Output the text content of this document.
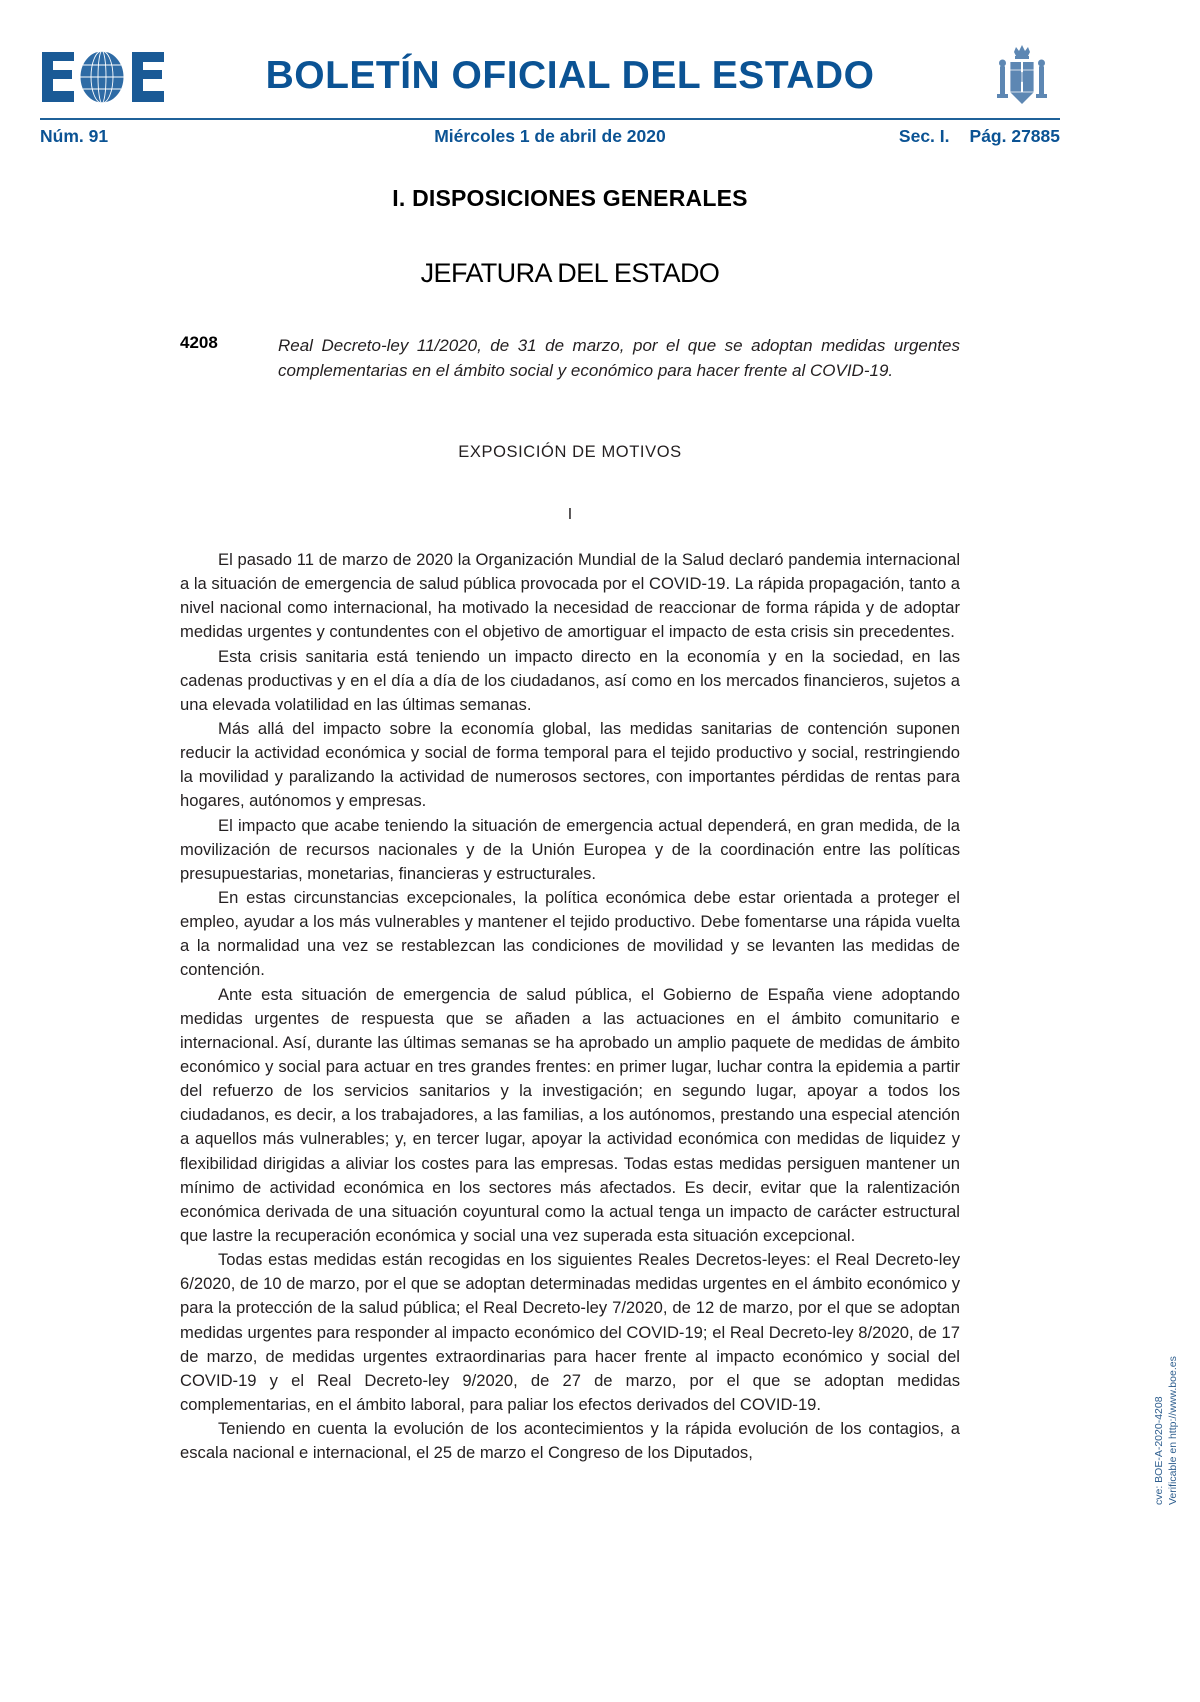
BOLETÍN OFICIAL DEL ESTADO
Núm. 91	Miércoles 1 de abril de 2020	Sec. I. Pág. 27885
I. DISPOSICIONES GENERALES
JEFATURA DEL ESTADO
4208	Real Decreto-ley 11/2020, de 31 de marzo, por el que se adoptan medidas urgentes complementarias en el ámbito social y económico para hacer frente al COVID-19.
EXPOSICIÓN DE MOTIVOS
I

El pasado 11 de marzo de 2020 la Organización Mundial de la Salud declaró pandemia internacional a la situación de emergencia de salud pública provocada por el COVID-19. La rápida propagación, tanto a nivel nacional como internacional, ha motivado la necesidad de reaccionar de forma rápida y de adoptar medidas urgentes y contundentes con el objetivo de amortiguar el impacto de esta crisis sin precedentes.

Esta crisis sanitaria está teniendo un impacto directo en la economía y en la sociedad, en las cadenas productivas y en el día a día de los ciudadanos, así como en los mercados financieros, sujetos a una elevada volatilidad en las últimas semanas.

Más allá del impacto sobre la economía global, las medidas sanitarias de contención suponen reducir la actividad económica y social de forma temporal para el tejido productivo y social, restringiendo la movilidad y paralizando la actividad de numerosos sectores, con importantes pérdidas de rentas para hogares, autónomos y empresas.

El impacto que acabe teniendo la situación de emergencia actual dependerá, en gran medida, de la movilización de recursos nacionales y de la Unión Europea y de la coordinación entre las políticas presupuestarias, monetarias, financieras y estructurales.

En estas circunstancias excepcionales, la política económica debe estar orientada a proteger el empleo, ayudar a los más vulnerables y mantener el tejido productivo. Debe fomentarse una rápida vuelta a la normalidad una vez se restablezcan las condiciones de movilidad y se levanten las medidas de contención.

Ante esta situación de emergencia de salud pública, el Gobierno de España viene adoptando medidas urgentes de respuesta que se añaden a las actuaciones en el ámbito comunitario e internacional. Así, durante las últimas semanas se ha aprobado un amplio paquete de medidas de ámbito económico y social para actuar en tres grandes frentes: en primer lugar, luchar contra la epidemia a partir del refuerzo de los servicios sanitarios y la investigación; en segundo lugar, apoyar a todos los ciudadanos, es decir, a los trabajadores, a las familias, a los autónomos, prestando una especial atención a aquellos más vulnerables; y, en tercer lugar, apoyar la actividad económica con medidas de liquidez y flexibilidad dirigidas a aliviar los costes para las empresas. Todas estas medidas persiguen mantener un mínimo de actividad económica en los sectores más afectados. Es decir, evitar que la ralentización económica derivada de una situación coyuntural como la actual tenga un impacto de carácter estructural que lastre la recuperación económica y social una vez superada esta situación excepcional.

Todas estas medidas están recogidas en los siguientes Reales Decretos-leyes: el Real Decreto-ley 6/2020, de 10 de marzo, por el que se adoptan determinadas medidas urgentes en el ámbito económico y para la protección de la salud pública; el Real Decreto-ley 7/2020, de 12 de marzo, por el que se adoptan medidas urgentes para responder al impacto económico del COVID-19; el Real Decreto-ley 8/2020, de 17 de marzo, de medidas urgentes extraordinarias para hacer frente al impacto económico y social del COVID-19 y el Real Decreto-ley 9/2020, de 27 de marzo, por el que se adoptan medidas complementarias, en el ámbito laboral, para paliar los efectos derivados del COVID-19.

Teniendo en cuenta la evolución de los acontecimientos y la rápida evolución de los contagios, a escala nacional e internacional, el 25 de marzo el Congreso de los Diputados,	cve: BOE-A-2020-4208 Verificable en http://www.boe.es
